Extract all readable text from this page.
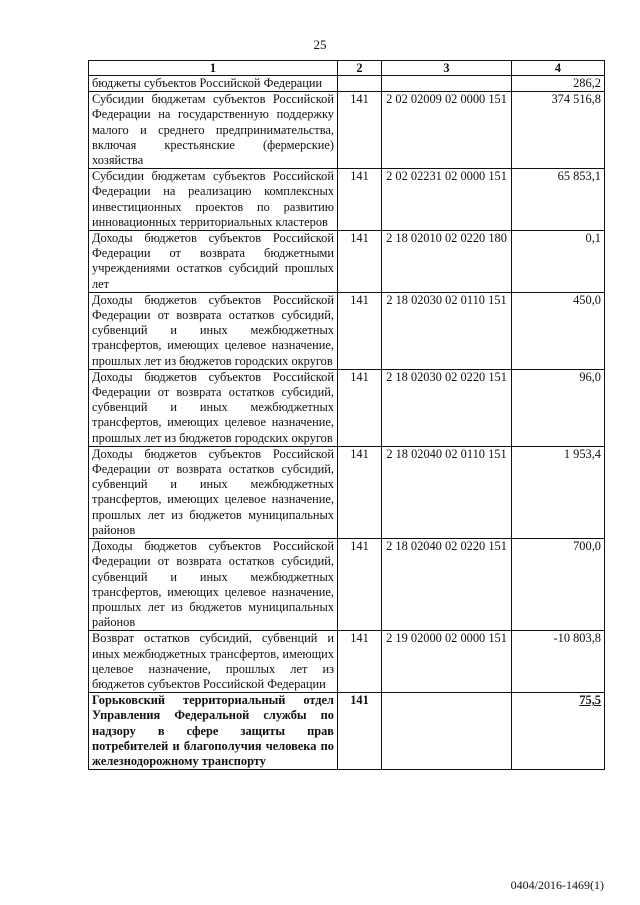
25
1	2	3	4
бюджеты субъектов Российской Федерации			286,2
Субсидии бюджетам субъектов Российской Федерации на государственную поддержку малого и среднего предпринимательства, включая крестьянские (фермерские) хозяйства	141	2 02 02009 02 0000 151	374 516,8
Субсидии бюджетам субъектов Российской Федерации на реализацию комплексных инвестиционных проектов по развитию инновационных территориальных кластеров	141	2 02 02231 02 0000 151	65 853,1
Доходы бюджетов субъектов Российской Федерации от возврата бюджетными учреждениями остатков субсидий прошлых лет	141	2 18 02010 02 0220 180	0,1
Доходы бюджетов субъектов Российской Федерации от возврата остатков субсидий, субвенций и иных межбюджетных трансфертов, имеющих целевое назначение, прошлых лет из бюджетов городских округов	141	2 18 02030 02 0110 151	450,0
Доходы бюджетов субъектов Российской Федерации от возврата остатков субсидий, субвенций и иных межбюджетных трансфертов, имеющих целевое назначение, прошлых лет из бюджетов городских округов	141	2 18 02030 02 0220 151	96,0
Доходы бюджетов субъектов Российской Федерации от возврата остатков субсидий, субвенций и иных межбюджетных трансфертов, имеющих целевое назначение, прошлых лет из бюджетов муниципальных районов	141	2 18 02040 02 0110 151	1 953,4
Доходы бюджетов субъектов Российской Федерации от возврата остатков субсидий, субвенций и иных межбюджетных трансфертов, имеющих целевое назначение, прошлых лет из бюджетов муниципальных районов	141	2 18 02040 02 0220 151	700,0
Возврат остатков субсидий, субвенций и иных межбюджетных трансфертов, имеющих целевое назначение, прошлых лет из бюджетов субъектов Российской Федерации	141	2 19 02000 02 0000 151	-10 803,8
Горьковский территориальный отдел Управления Федеральной службы по надзору в сфере защиты прав потребителей и благополучия человека по железнодорожному транспорту	141		75,5
0404/2016-1469(1)
